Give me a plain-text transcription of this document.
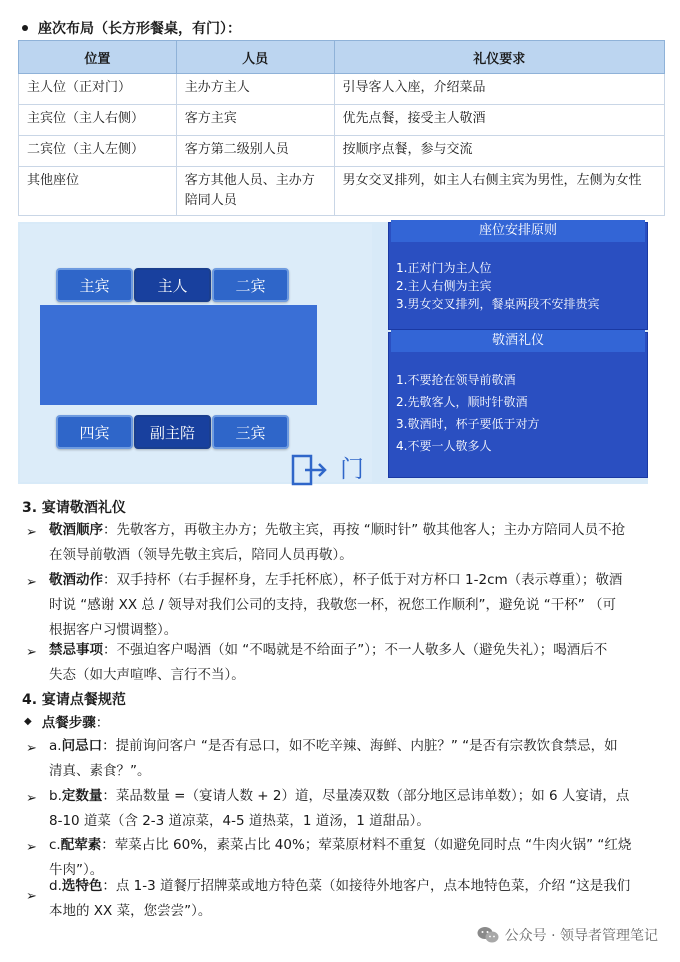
座次布局（长方形餐桌，有门）：
位置	人员	礼仪要求
主人位（正对门）	主办方主人	引导客人入座，介绍菜品
主宾位（主人右侧）	客方主宾	优先点餐，接受主人敬酒
二宾位（主人左侧）	客方第二级别人员	按顺序点餐，参与交流
其他座位	客方其他人员、主办方陪同人员	男女交叉排列，如主人右侧主宾为男性，左侧为女性
主宾	主人	二宾
四宾	副主陪	三宾
门
座位安排原则
1.正对门为主人位
2.主人右侧为主宾
3.男女交叉排列，餐桌两段不安排贵宾
敬酒礼仪
1.不要抢在领导前敬酒
2.先敬客人，顺时针敬酒
3.敬酒时，杯子要低于对方
4.不要一人敬多人
3. 宴请敬酒礼仪
➢ 敬酒顺序：先敬客方，再敬主办方；先敬主宾，再按 “顺时针” 敬其他客人；主办方陪同人员不抢
在领导前敬酒（领导先敬主宾后，陪同人员再敬）。
➢ 敬酒动作：双手持杯（右手握杯身，左手托杯底），杯子低于对方杯口 1-2cm（表示尊重）；敬酒
时说 “感谢 XX 总 / 领导对我们公司的支持，我敬您一杯，祝您工作顺利”，避免说 “干杯” （可
根据客户习惯调整）。
➢ 禁忌事项：不强迫客户喝酒（如 “不喝就是不给面子”）；不一人敬多人（避免失礼）；喝酒后不
失态（如大声喧哗、言行不当）。
4. 宴请点餐规范
◆ 点餐步骤 ：
➢ a.问忌口：提前询问客户 “是否有忌口，如不吃辛辣、海鲜、内脏？” “是否有宗教饮食禁忌，如
清真、素食？”。
➢ b.定数量：菜品数量 =（宴请人数 + 2）道，尽量凑双数（部分地区忌讳单数）；如 6 人宴请，点
8-10 道菜（含 2-3 道凉菜，4-5 道热菜，1 道汤，1 道甜品）。
➢ c.配荤素：荤菜占比 60%，素菜占比 40%；荤菜原材料不重复（如避免同时点 “牛肉火锅” “红烧
牛肉”）。
➢
d.选特色：点 1-3 道餐厅招牌菜或地方特色菜（如接待外地客户，点本地特色菜，介绍 “这是我们
本地的 XX 菜，您尝尝”）。
公众号 · 领导者管理笔记
